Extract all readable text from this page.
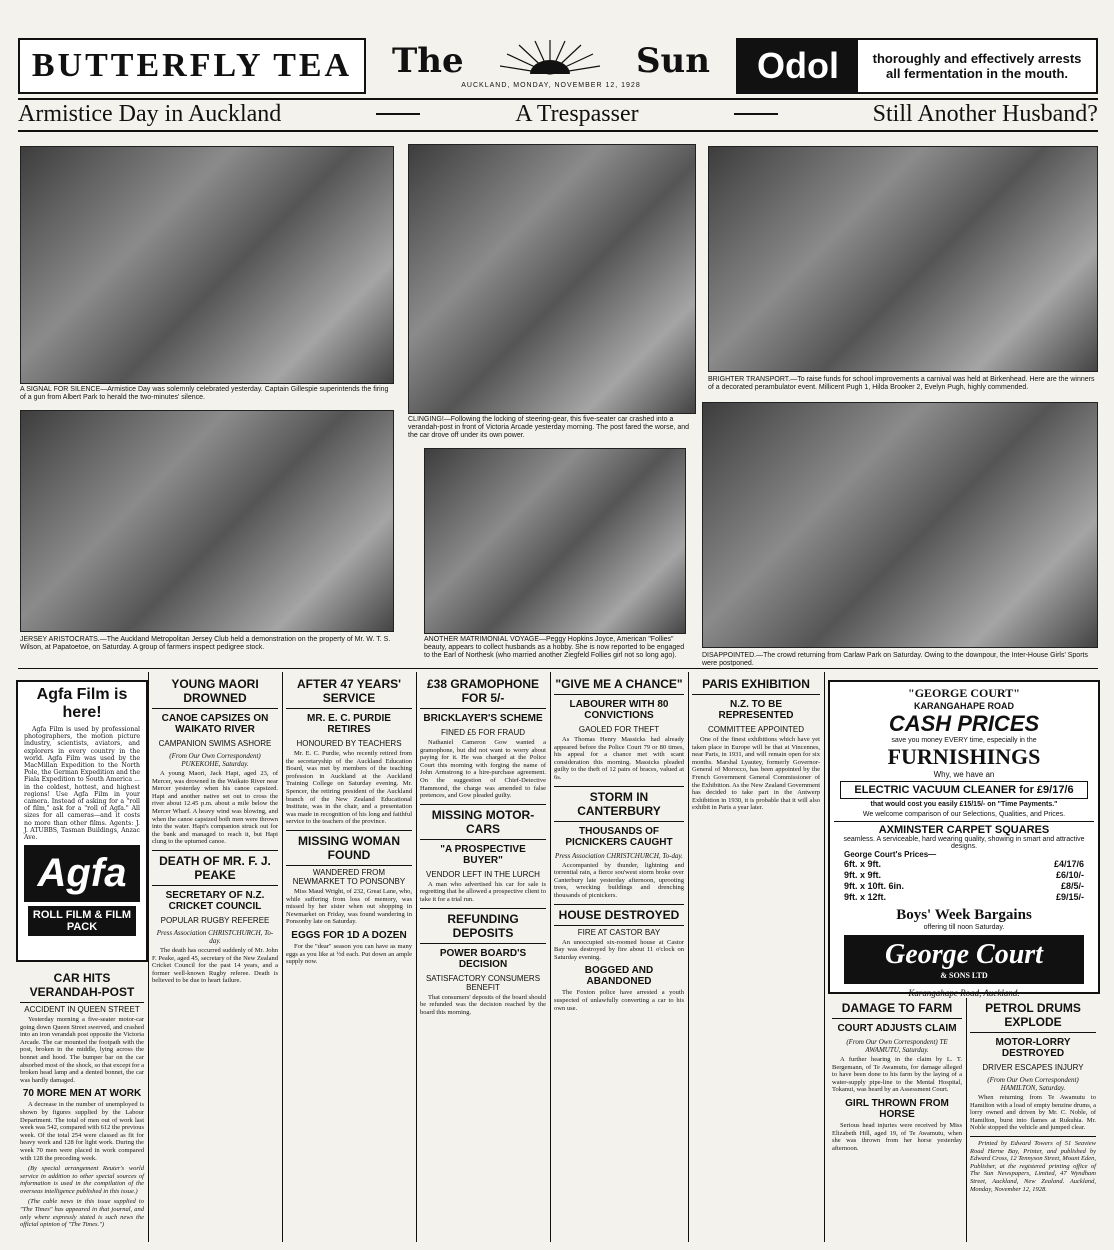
BUTTERFLY TEA The	Sun
AUCKLAND, MONDAY, NOVEMBER 12, 1928	Odol	thoroughly and effectively arrests all fermentation in the mouth.
Armistice Day in Auckland	A Trespasser	Still Another Husband?
A SIGNAL FOR SILENCE—Armistice Day was solemnly celebrated yesterday. Captain Gillespie superintends the firing of a gun from Albert Park to herald the two-minutes' silence.
CLINGING!—Following the locking of steering-gear, this five-seater car crashed into a verandah-post in front of Victoria Arcade yesterday morning. The post fared the worse, and the car drove off under its own power.
BRIGHTER TRANSPORT.—To raise funds for school improvements a carnival was held at Birkenhead. Here are the winners of a decorated perambulator event. Millicent Pugh 1, Hilda Brooker 2, Evelyn Pugh, highly commended.
JERSEY ARISTOCRATS.—The Auckland Metropolitan Jersey Club held a demonstration on the property of Mr. W. T. S. Wilson, at Papatoetoe, on Saturday. A group of farmers inspect pedigree stock.
ANOTHER MATRIMONIAL VOYAGE—Peggy Hopkins Joyce, American "Follies" beauty, appears to collect husbands as a hobby. She is now reported to be engaged to the Earl of Northesk (who married another Ziegfeld Follies girl not so long ago).	DISAPPOINTED.—The crowd returning from Carlaw Park on Saturday. Owing to the downpour, the Inter-House Girls' Sports were postponed.
Agfa Film is here!
Agfa Film is used by professional photographers, the motion picture industry, scientists, aviators, and explorers in every country in the world. Agfa Film was used by the MacMillan Expedition to the North Pole, the German Expedition and the Fiala Expedition to South America ... in the coldest, hottest, and highest regions! Use Agfa Film in your camera. Instead of asking for a "roll of film," ask for a "roll of Agfa." All sizes for all cameras—and it costs no more than other films. Agents: J. J. ATUBBS, Tasman Buildings, Anzac Ave.
Agfa
ROLL FILM & FILM PACK
CAR HITS VERANDAH-POST
ACCIDENT IN QUEEN STREET
Yesterday morning a five-seater motor-car going down Queen Street swerved, and crashed into an iron verandah post opposite the Victoria Arcade. The car mounted the footpath with the post, broken in the middle, lying across the bonnet and hood. The bumper bar on the car absorbed most of the shock, so that except for a broken head lamp and a dented bonnet, the car was hardly damaged.
70 MORE MEN AT WORK
A decrease in the number of unemployed is shown by figures supplied by the Labour Department. The total of men out of work last week was 542, compared with 612 the previous week. Of the total 254 were classed as fit for heavy work and 128 for light work. During the week 70 men were placed in work compared with 128 the preceding week.
(By special arrangement Reuter's world service in addition to other special sources of information is used in the compilation of the overseas intelligence published in this issue.)
(The cable news in this issue supplied to "The Times" has appeared in that journal, and only where expressly stated is such news the official opinion of "The Times.")
YOUNG MAORI DROWNED
CANOE CAPSIZES ON WAIKATO RIVER
CAMPANION SWIMS ASHORE
(From Our Own Correspondent) PUKEKOHE, Saturday.
A young Maori, Jack Hapi, aged 23, of Mercer, was drowned in the Waikato River near Mercer yesterday when his canoe capsized. Hapi and another native set out to cross the river about 12.45 p.m. about a mile below the Mercer Wharf. A heavy wind was blowing, and when the canoe capsized both men were thrown into the water. Hapi's companion struck out for the bank and managed to reach it, but Hapi clung to the upturned canoe.
DEATH OF MR. F. J. PEAKE
SECRETARY OF N.Z. CRICKET COUNCIL
POPULAR RUGBY REFEREE
Press Association CHRISTCHURCH, To-day.
The death has occurred suddenly of Mr. John F. Peake, aged 45, secretary of the New Zealand Cricket Council for the past 14 years, and a former well-known Rugby referee. Death is believed to be due to heart failure.
AFTER 47 YEARS' SERVICE
MR. E. C. PURDIE RETIRES
HONOURED BY TEACHERS
Mr. E. C. Purdie, who recently retired from the secretaryship of the Auckland Education Board, was met by members of the teaching profession in Auckland at the Auckland Training College on Saturday evening. Mr. Spencer, the retiring president of the Auckland branch of the New Zealand Educational Institute, was in the chair, and a presentation was made in recognition of his long and faithful service to the teachers of the province.
MISSING WOMAN FOUND
WANDERED FROM NEWMARKET TO PONSONBY
Miss Maud Wright, of 232, Great Lane, who, while suffering from loss of memory, was missed by her sister when out shopping in Newmarket on Friday, was found wandering in Ponsonby late on Saturday.
EGGS FOR 1D A DOZEN
For the "dear" season you can have as many eggs as you like at ½d each. Put down an ample supply now.
£38 GRAMOPHONE FOR 5/-
BRICKLAYER'S SCHEME
FINED £5 FOR FRAUD
Nathaniel Cameron Gow wanted a gramophone, but did not want to worry about paying for it. He was charged at the Police Court this morning with forging the name of John Armstrong to a hire-purchase agreement. On the suggestion of Chief-Detective Hammond, the charge was amended to false pretences, and Gow pleaded guilty.
MISSING MOTOR-CARS
"A PROSPECTIVE BUYER"
VENDOR LEFT IN THE LURCH
A man who advertised his car for sale is regretting that he allowed a prospective client to take it for a trial run.
REFUNDING DEPOSITS
POWER BOARD'S DECISION
SATISFACTORY CONSUMERS BENEFIT
That consumers' deposits of the board should be refunded was the decision reached by the board this morning.
"GIVE ME A CHANCE"
LABOURER WITH 80 CONVICTIONS
GAOLED FOR THEFT
As Thomas Henry Massicks had already appeared before the Police Court 79 or 80 times, his appeal for a chance met with scant consideration this morning. Massicks pleaded guilty to the theft of 12 pairs of braces, valued at 6s.
STORM IN CANTERBURY
THOUSANDS OF PICNICKERS CAUGHT
Press Association CHRISTCHURCH, To-day.
Accompanied by thunder, lightning and torrential rain, a fierce sou'west storm broke over Canterbury late yesterday afternoon, uprooting trees, wrecking buildings and drenching thousands of picnickers.
HOUSE DESTROYED
FIRE AT CASTOR BAY
An unoccupied six-roomed house at Castor Bay was destroyed by fire about 11 o'clock on Saturday evening.
BOGGED AND ABANDONED
The Foxton police have arrested a youth suspected of unlawfully converting a car to his own use.
PARIS EXHIBITION
N.Z. TO BE REPRESENTED
COMMITTEE APPOINTED
One of the finest exhibitions which have yet taken place in Europe will be that at Vincennes, near Paris, in 1931, and will remain open for six months. Marshal Lyautey, formerly Governor-General of Morocco, has been appointed by the French Government General Commissioner of the Exhibition. As the New Zealand Government has decided to take part in the Antwerp Exhibition in 1930, it is probable that it will also exhibit in Paris a year later.
"GEORGE COURT"
KARANGAHAPE ROAD
CASH PRICES
save you money EVERY time, especially in the
FURNISHINGS
Why, we have an
ELECTRIC VACUUM CLEANER for £9/17/6
that would cost you easily £15/15/- on "Time Payments."
We welcome comparison of our Selections, Qualities, and Prices.
AXMINSTER CARPET SQUARES
seamless. A serviceable, hard wearing quality, showing in smart and attractive designs.
George Court's Prices—
6ft. x 9ft.	£4/17/6
9ft. x 9ft.	£6/10/-
9ft. x 10ft. 6in.	£8/5/-
9ft. x 12ft.	£9/15/-
Boys' Week Bargains
offering till noon Saturday.
George Court
& SONS LTD
Karangahape Road, Auckland.
DAMAGE TO FARM
COURT ADJUSTS CLAIM
(From Our Own Correspondent) TE AWAMUTU, Saturday.
A further hearing in the claim by L. T. Bergemann, of Te Awamutu, for damage alleged to have been done to his farm by the laying of a water-supply pipe-line to the Mental Hospital, Tokanui, was heard by an Assessment Court.
GIRL THROWN FROM HORSE
Serious head injuries were received by Miss Elizabeth Hill, aged 19, of Te Awamutu, when she was thrown from her horse yesterday afternoon.
PETROL DRUMS EXPLODE
MOTOR-LORRY DESTROYED
DRIVER ESCAPES INJURY
(From Our Own Correspondent) HAMILTON, Saturday.
When returning from Te Awamutu to Hamilton with a load of empty benzine drums, a lorry owned and driven by Mr. C. Noble, of Hamilton, burst into flames at Rukuhia. Mr. Noble stopped the vehicle and jumped clear.
Printed by Edward Towers of 51 Seaview Road Herne Bay, Printer, and published by Edward Cross, 12 Tennyson Street, Mount Eden, Publisher, at the registered printing office of The Sun Newspapers, Limited, 47 Wyndham Street, Auckland, New Zealand. Auckland, Monday, November 12, 1928.
